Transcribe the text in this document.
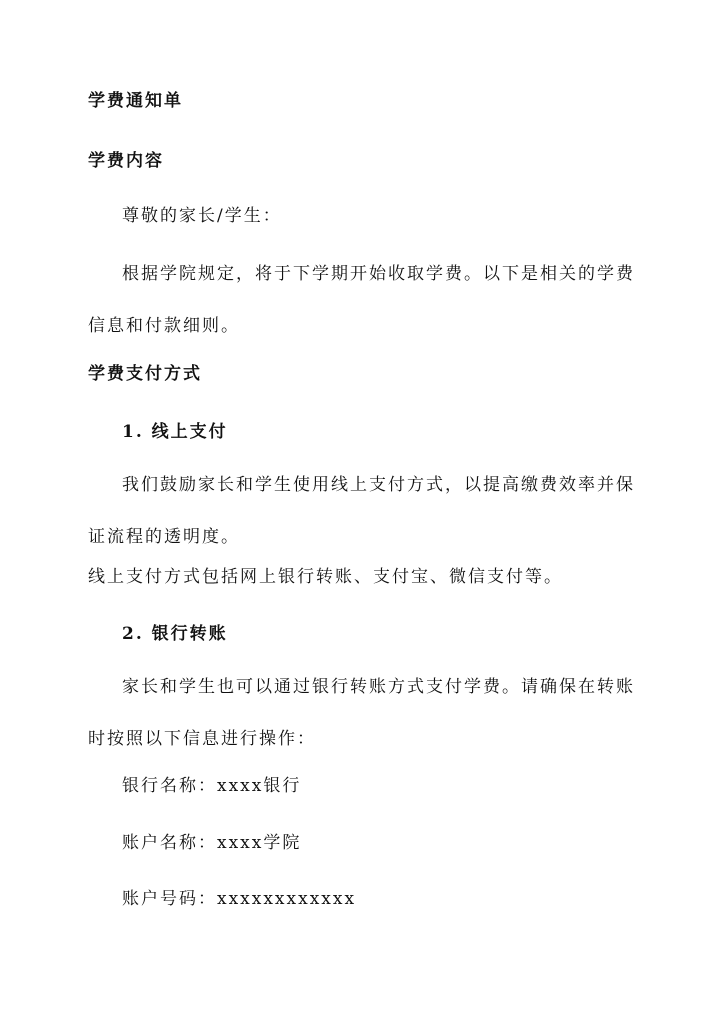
学费通知单
学费内容
尊敬的家长/学生：
根据学院规定，将于下学期开始收取学费。以下是相关的学费信息和付款细则。
学费支付方式
1. 线上支付
我们鼓励家长和学生使用线上支付方式，以提高缴费效率并保证流程的透明度。
线上支付方式包括网上银行转账、支付宝、微信支付等。
2. 银行转账
家长和学生也可以通过银行转账方式支付学费。请确保在转账时按照以下信息进行操作：
银行名称：xxxx银行
账户名称：xxxx学院
账户号码：xxxxxxxxxxxx
